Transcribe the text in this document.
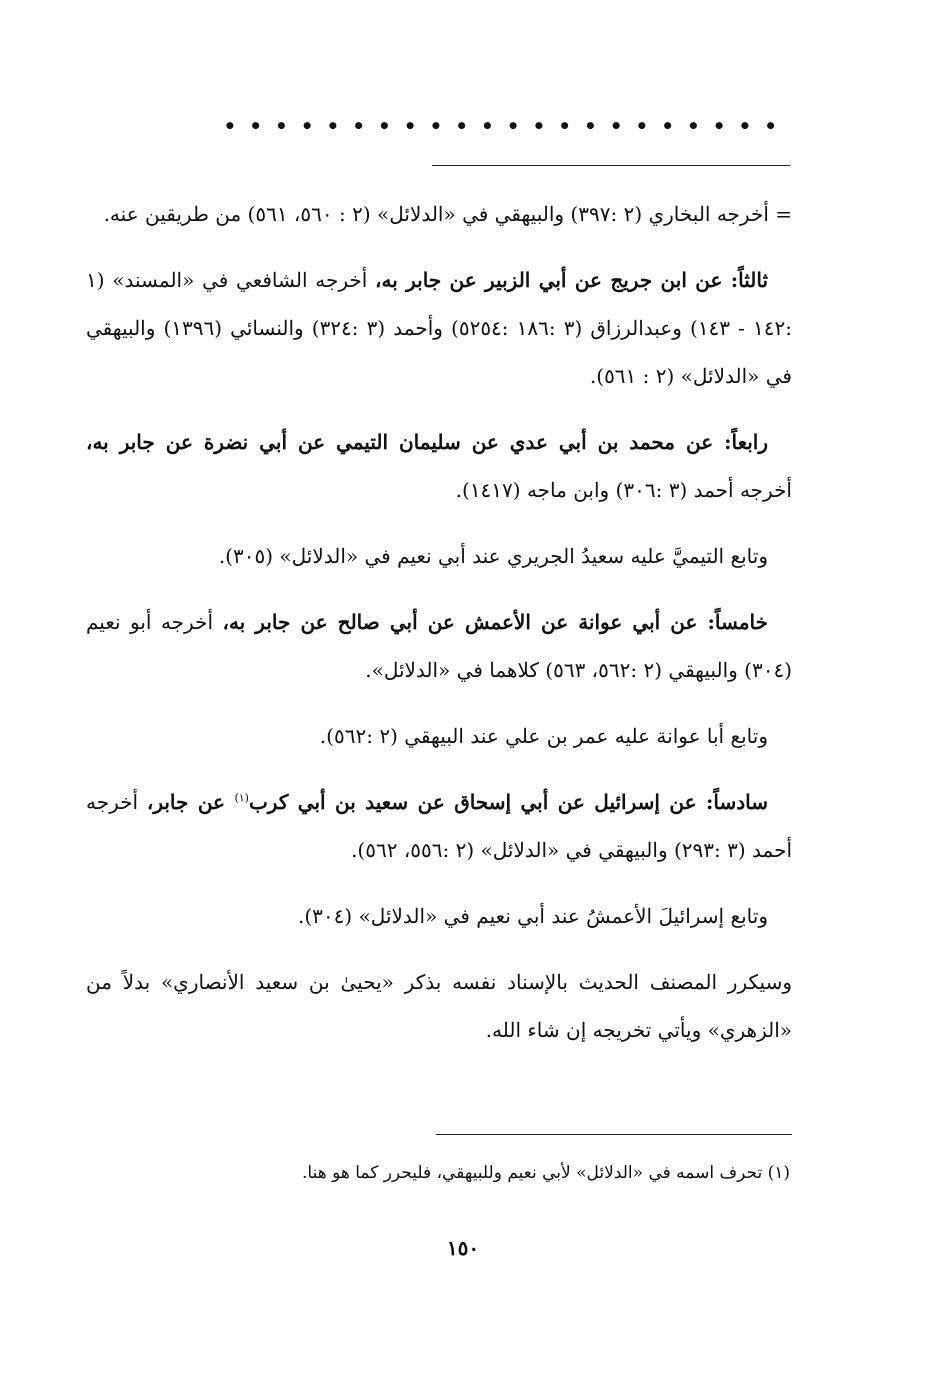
• • • • • • • • • • • • • • • • • • • • • •

= أخرجه البخاري (٢ :٣٩٧) والبيهقي في «الدلائل» (٢ : ٥٦٠، ٥٦١) من طريقين عنه.

ثالثاً: عن ابن جريج عن أبي الزبير عن جابر به، أخرجه الشافعي في «المسند» (١ :١٤٢ - ١٤٣) وعبدالرزاق (٣ :١٨٦ :٥٢٥٤) وأحمد (٣ :٣٢٤) والنسائي (١٣٩٦) والبيهقي في «الدلائل» (٢ : ٥٦١).

رابعاً: عن محمد بن أبي عدي عن سليمان التيمي عن أبي نضرة عن جابر به، أخرجه أحمد (٣ :٣٠٦) وابن ماجه (١٤١٧).

وتابع التيميَّ عليه سعيدُ الجريري عند أبي نعيم في «الدلائل» (٣٠٥).

خامساً: عن أبي عوانة عن الأعمش عن أبي صالح عن جابر به، أخرجه أبو نعيم (٣٠٤) والبيهقي (٢ :٥٦٢، ٥٦٣) كلاهما في «الدلائل».

وتابع أبا عوانة عليه عمر بن علي عند البيهقي (٢ :٥٦٢).

سادساً: عن إسرائيل عن أبي إسحاق عن سعيد بن أبي كرب$^{(١)}$ عن جابر، أخرجه أحمد (٣ :٢٩٣) والبيهقي في «الدلائل» (٢ :٥٥٦، ٥٦٢).

وتابع إسرائيلَ الأعمشُ عند أبي نعيم في «الدلائل» (٣٠٤).

وسيكرر المصنف الحديث بالإسناد نفسه بذكر «يحيىٰ بن سعيد الأنصاري» بدلاً من «الزهري» ويأتي تخريجه إن شاء الله.

(١) تحرف اسمه في «الدلائل» لأبي نعيم وللبيهقي، فليحرر كما هو هنا.
١٥٠
